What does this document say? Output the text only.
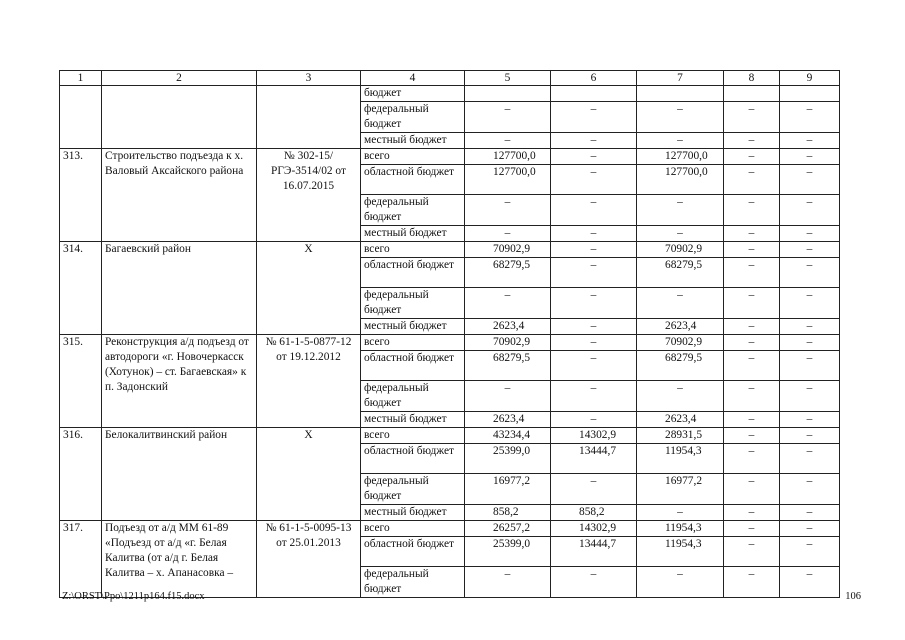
1	2	3	4	5	6	7	8	9
			бюджет					
			федеральный бюджет	–	–	–	–	–
			местный бюджет	–	–	–	–	–
313.	Строительство подъезда к х. Валовый Аксайского района	№ 302-15/РГЭ-3514/02 от 16.07.2015	всего	127700,0	–	127700,0	–	–
			областной бюджет	127700,0	–	127700,0	–	–
			федеральный бюджет	–	–	–	–	–
			местный бюджет	–	–	–	–	–
314.	Багаевский район	Х	всего	70902,9	–	70902,9	–	–
			областной бюджет	68279,5	–	68279,5	–	–
			федеральный бюджет	–	–	–	–	–
			местный бюджет	2623,4	–	2623,4	–	–
315.	Реконструкция а/д подъезд от автодороги «г. Новочеркасск (Хотунок) – ст. Багаевская» к п. Задонский	№ 61-1-5-0877-12 от 19.12.2012	всего	70902,9	–	70902,9	–	–
			областной бюджет	68279,5	–	68279,5	–	–
			федеральный бюджет	–	–	–	–	–
			местный бюджет	2623,4	–	2623,4	–	–
316.	Белокалитвинский район	Х	всего	43234,4	14302,9	28931,5	–	–
			областной бюджет	25399,0	13444,7	11954,3	–	–
			федеральный бюджет	16977,2	–	16977,2	–	–
			местный бюджет	858,2	858,2	–	–	–
317.	Подъезд от а/д ММ 61-89 «Подъезд от а/д «г. Белая Калитва (от а/д г. Белая Калитва – х. Апанасовка –	№ 61-1-5-0095-13 от 25.01.2013	всего	26257,2	14302,9	11954,3	–	–
			областной бюджет	25399,0	13444,7	11954,3	–	–
			федеральный бюджет	–	–	–	–	–
Z:\ORST\Ppo\1211p164.f15.docx	106
